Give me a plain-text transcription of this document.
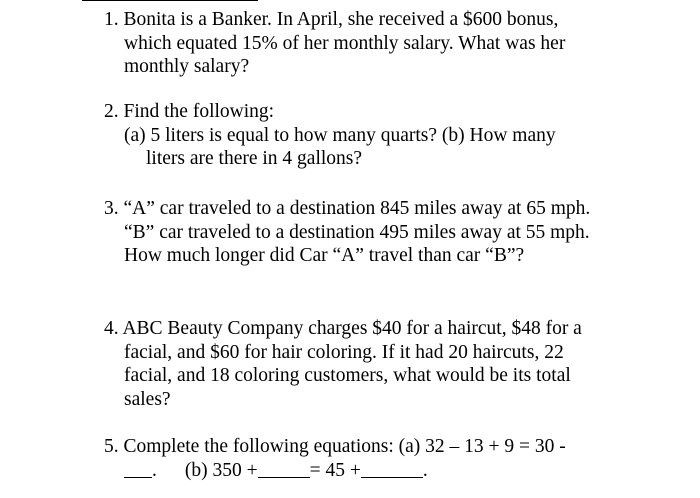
1. Bonita is a Banker. In April, she received a $600 bonus,
which equated 15% of her monthly salary. What was her
monthly salary?
2. Find the following:
(a) 5 liters is equal to how many quarts? (b) How many
liters are there in 4 gallons?
3. “A” car traveled to a destination 845 miles away at 65 mph.
“B” car traveled to a destination 495 miles away at 55 mph.
How much longer did Car “A” travel than car “B”?
4. ABC Beauty Company charges $40 for a haircut, $48 for a
facial, and $60 for hair coloring. If it had 20 haircuts, 22
facial, and 18 coloring customers, what would be its total
sales?
5. Complete the following equations: (a) 32 – 13 + 9 = 30 -
. (b) 350 +	= 45 +	.
